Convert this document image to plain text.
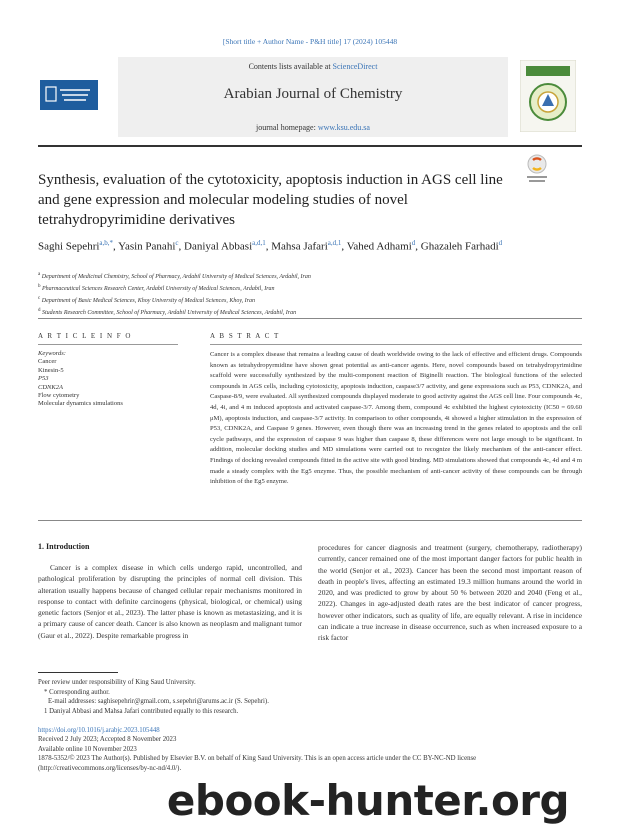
[Short title + Author Name - P&H title] 17 (2024) 105448
Contents lists available at ScienceDirect
Arabian Journal of Chemistry
journal homepage: www.ksu.edu.sa
Synthesis, evaluation of the cytotoxicity, apoptosis induction in AGS cell line and gene expression and molecular modeling studies of novel tetrahydropyrimidine derivatives
Saghi Sepehri$^{a,b,*}$, Yasin Panahi$^c$, Daniyal Abbasi$^{a,d,1}$, Mahsa Jafari$^{a,d,1}$, Vahed Adhami$^d$, Ghazaleh Farhadi$^d$
$^a$ Department of Medicinal Chemistry, School of Pharmacy, Ardabil University of Medical Sciences, Ardabil, Iran
$^b$ Pharmaceutical Sciences Research Center, Ardabil University of Medical Sciences, Ardabil, Iran
$^c$ Department of Basic Medical Sciences, Khoy University of Medical Sciences, Khoy, Iran
$^d$ Students Research Committee, School of Pharmacy, Ardabil University of Medical Sciences, Ardabil, Iran
A R T I C L E I N F O
Keywords:
Cancer
Kinesin-5
P53
CDNK2A
Flow cytometry
Molecular dynamics simulations
A B S T R A C T

Cancer is a complex disease that remains a leading cause of death worldwide owing to the lack of effective and efficient drugs. Compounds known as tetrahydropyrmidine have shown great potential as anti-cancer agents. Here, novel compounds based on tetrahydropyrimidine scaffold were successfully synthesized by the multi-component reaction of Biginelli reaction. The biological functions of the selected compounds in AGS cells, including cytotoxicity, apoptosis induction, caspase3/7 activity, and gene expressions such as P53, CDNK2A, and Caspase-8/9, were evaluated. All synthesized compounds displayed moderate to good activity against the AGS cell line. Four compounds 4c, 4d, 4i, and 4 m induced apoptosis and activated caspase-3/7. Among them, compound 4c exhibited the highest cytotoxicity (IC50 = 69.60 μM), apoptosis induction, and caspase-3/7 activity. In comparison to other compounds, 4i showed a higher stimulation in the expression of P53, CDNK2A, and Caspase 9 genes. However, even though there was an increasing trend in the genes related to apoptosis and the cell cycle pathways, and the expression of caspase 9 was higher than caspase 8, these differences were not large enough to be significant. In addition, molecular docking studies and MD simulations were carried out to recognize the likely mechanism of the anti-cancer effect. Findings of docking revealed compounds fitted in the active site with good binding. MD simulations showed that compounds 4c, 4d and 4 m made a steady complex with the Eg5 enzyme. Thus, the possible mechanism of anti-cancer activity of these compounds can be through inhibition of the Eg5 enzyme.

1. Introduction

Cancer is a complex disease in which cells undergo rapid, uncontrolled, and pathological proliferation by disrupting the principles of normal cell division. This alteration usually happens because of changed cellular repair mechanisms monitored in response to contact with definite carcinogens (physical, biological, or chemical) using genetic factors (Senjor et al., 2023). The latter phase is known as metastasizing, and it is a primary cause of cancer death. Cancer is also known as neoplasm and malignant tumor (Gaur et al., 2022). Despite remarkable progress in

procedures for cancer diagnosis and treatment (surgery, chemotherapy, radiotherapy) currently, cancer remained one of the most important danger factors for public health in the world (Senjor et al., 2023). Cancer has been the second most important reason of death in people's lives, affecting an estimated 19.3 million humans around the world in 2020, and was predicted to grow by about 50 % between 2020 and 2040 (Feng et al., 2022). Changes in age-adjusted death rates are the best indicator of cancer progress, however other indicators, such as quality of life, are equally relevant. A rise in incidence can indicate a true increase in disease occurrence, such as when increased exposure to a risk factor

Peer review under responsibility of King Saud University.
* Corresponding author.
E-mail addresses: saghisepehrir@gmail.com, s.sepehri@arums.ac.ir (S. Sepehri).
1 Daniyal Abbasi and Mahsa Jafari contributed equally to this research.
https://doi.org/10.1016/j.arabjc.2023.105448
Received 2 July 2023; Accepted 8 November 2023
Available online 10 November 2023
1878-5352/© 2023 The Author(s). Published by Elsevier B.V. on behalf of King Saud University. This is an open access article under the CC BY-NC-ND license (http://creativecommons.org/licenses/by-nc-nd/4.0/).
ebook-hunter.org
